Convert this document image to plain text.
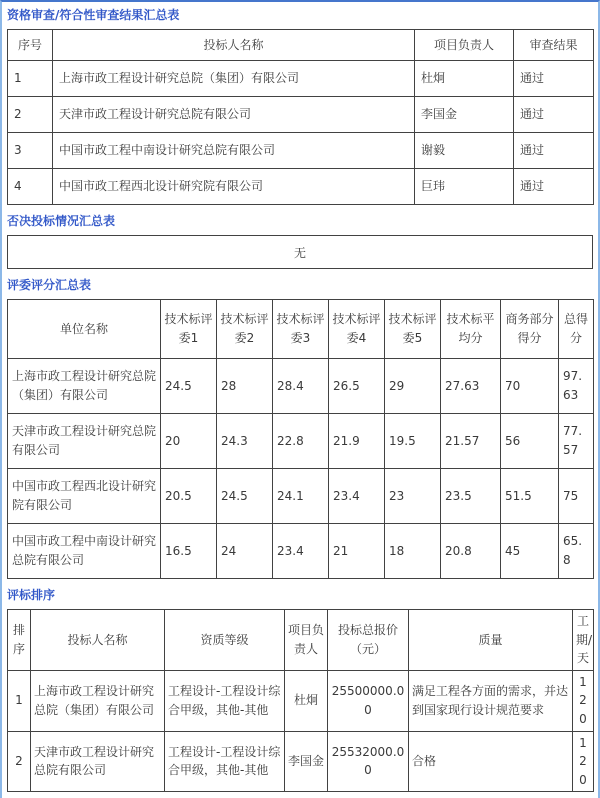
资格审查/符合性审查结果汇总表
序号	投标人名称	项目负责人	审查结果
1	上海市政工程设计研究总院（集团）有限公司	杜炯	通过
2	天津市政工程设计研究总院有限公司	李国金	通过
3	中国市政工程中南设计研究总院有限公司	谢毅	通过
4	中国市政工程西北设计研究院有限公司	巨玮	通过
否决投标情况汇总表
无
评委评分汇总表
单位名称	技术标评委1	技术标评委2	技术标评委3	技术标评委4	技术标评委5	技术标平均分	商务部分得分	总得分
上海市政工程设计研究总院（集团）有限公司	24.5	28	28.4	26.5	29	27.63	70	97.63
天津市政工程设计研究总院有限公司	20	24.3	22.8	21.9	19.5	21.57	56	77.57
中国市政工程西北设计研究院有限公司	20.5	24.5	24.1	23.4	23	23.5	51.5	75
中国市政工程中南设计研究总院有限公司	16.5	24	23.4	21	18	20.8	45	65.8
评标排序
排序	投标人名称	资质等级	项目负责人	投标总报价（元）	质量	工期/天
1	上海市政工程设计研究总院（集团）有限公司	工程设计-工程设计综合甲级，其他-其他	杜炯	25500000.00	满足工程各方面的需求，并达到国家现行设计规范要求	120
2	天津市政工程设计研究总院有限公司	工程设计-工程设计综合甲级，其他-其他	李国金	25532000.00	合格	120
